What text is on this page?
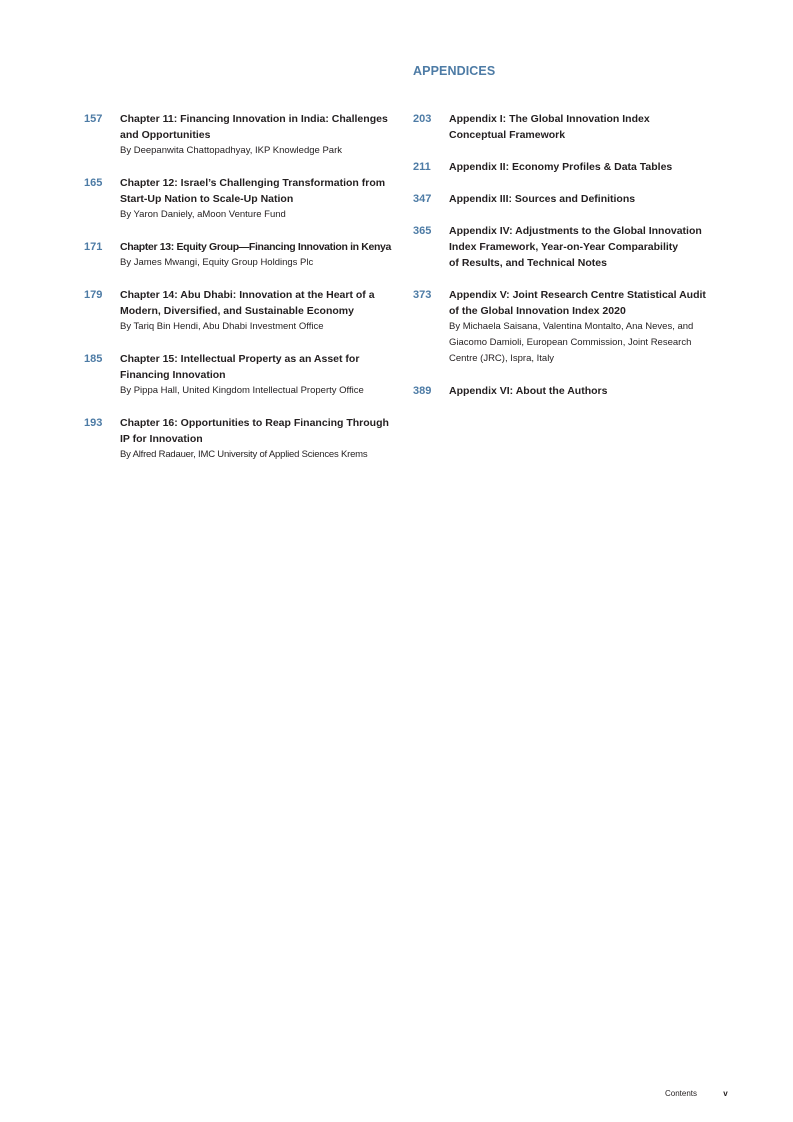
157	Chapter 11: Financing Innovation in India: Challenges
and Opportunities
By Deepanwita Chattopadhyay, IKP Knowledge Park
165	Chapter 12: Israel’s Challenging Transformation from
Start-Up Nation to Scale-Up Nation
By Yaron Daniely, aMoon Venture Fund
171	Chapter 13: Equity Group—Financing Innovation in Kenya
By James Mwangi, Equity Group Holdings Plc
179	Chapter 14: Abu Dhabi: Innovation at the Heart of a
Modern, Diversified, and Sustainable Economy
By Tariq Bin Hendi, Abu Dhabi Investment Office
185	Chapter 15: Intellectual Property as an Asset for
Financing Innovation
By Pippa Hall, United Kingdom Intellectual Property Office
193	Chapter 16: Opportunities to Reap Financing Through
IP for Innovation
By Alfred Radauer, IMC University of Applied Sciences Krems
APPENDICES
203	Appendix I: The Global Innovation Index
Conceptual Framework
211	Appendix II: Economy Profiles & Data Tables
347	Appendix III: Sources and Definitions
365	Appendix IV: Adjustments to the Global Innovation
Index Framework, Year-on-Year Comparability
of Results, and Technical Notes
373	Appendix V: Joint Research Centre Statistical Audit
of the Global Innovation Index 2020
By Michaela Saisana, Valentina Montalto, Ana Neves, and
Giacomo Damioli, European Commission, Joint Research
Centre (JRC), Ispra, Italy
389	Appendix VI: About the Authors
Contents	v
